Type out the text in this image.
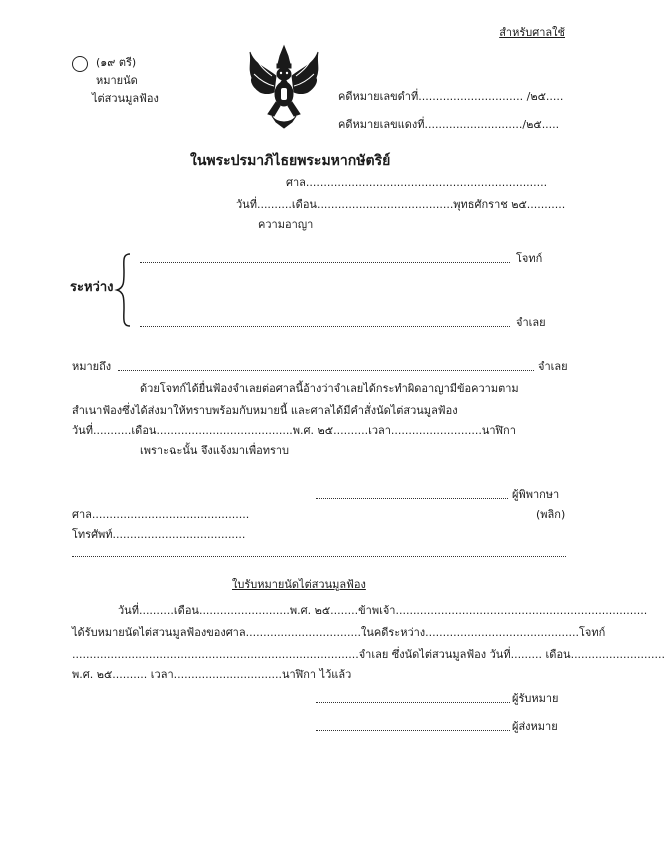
สำหรับศาลใช้
(๑๙ ตรี)
หมายนัด
ไต่สวนมูลฟ้อง	คดีหมายเลขดำที่.............................. /๒๕.....
คดีหมายเลขแดงที่............................/๒๕.....
ในพระปรมาภิไธยพระมหากษัตริย์
ศาล.....................................................................
วันที่..........เดือน.......................................พุทธศักราช ๒๕...........
ความอาญา
ระหว่าง
โจทก์
จำเลย
หมายถึง	จำเลย
ด้วยโจทก์ได้ยื่นฟ้องจำเลยต่อศาลนี้อ้างว่าจำเลยได้กระทำผิดอาญามีข้อความตาม
สำเนาฟ้องซึ่งได้ส่งมาให้ทราบพร้อมกับหมายนี้ และศาลได้มีคำสั่งนัดไต่สวนมูลฟ้อง
วันที่...........เดือน.......................................พ.ศ. ๒๕..........เวลา..........................นาฬิกา
เพราะฉะนั้น จึงแจ้งมาเพื่อทราบ
ผู้พิพากษา
ศาล.............................................	(พลิก)
โทรศัพท์......................................
ใบรับหมายนัดไต่สวนมูลฟ้อง
วันที่..........เดือน..........................พ.ศ. ๒๕........ข้าพเจ้า........................................................................
ได้รับหมายนัดไต่สวนมูลฟ้องของศาล.................................ในคดีระหว่าง............................................โจทก์
..................................................................................จำเลย ซึ่งนัดไต่สวนมูลฟ้อง วันที่......... เดือน...........................
พ.ศ. ๒๕.......... เวลา...............................นาฬิกา ไว้แล้ว
ผู้รับหมาย
ผู้ส่งหมาย
